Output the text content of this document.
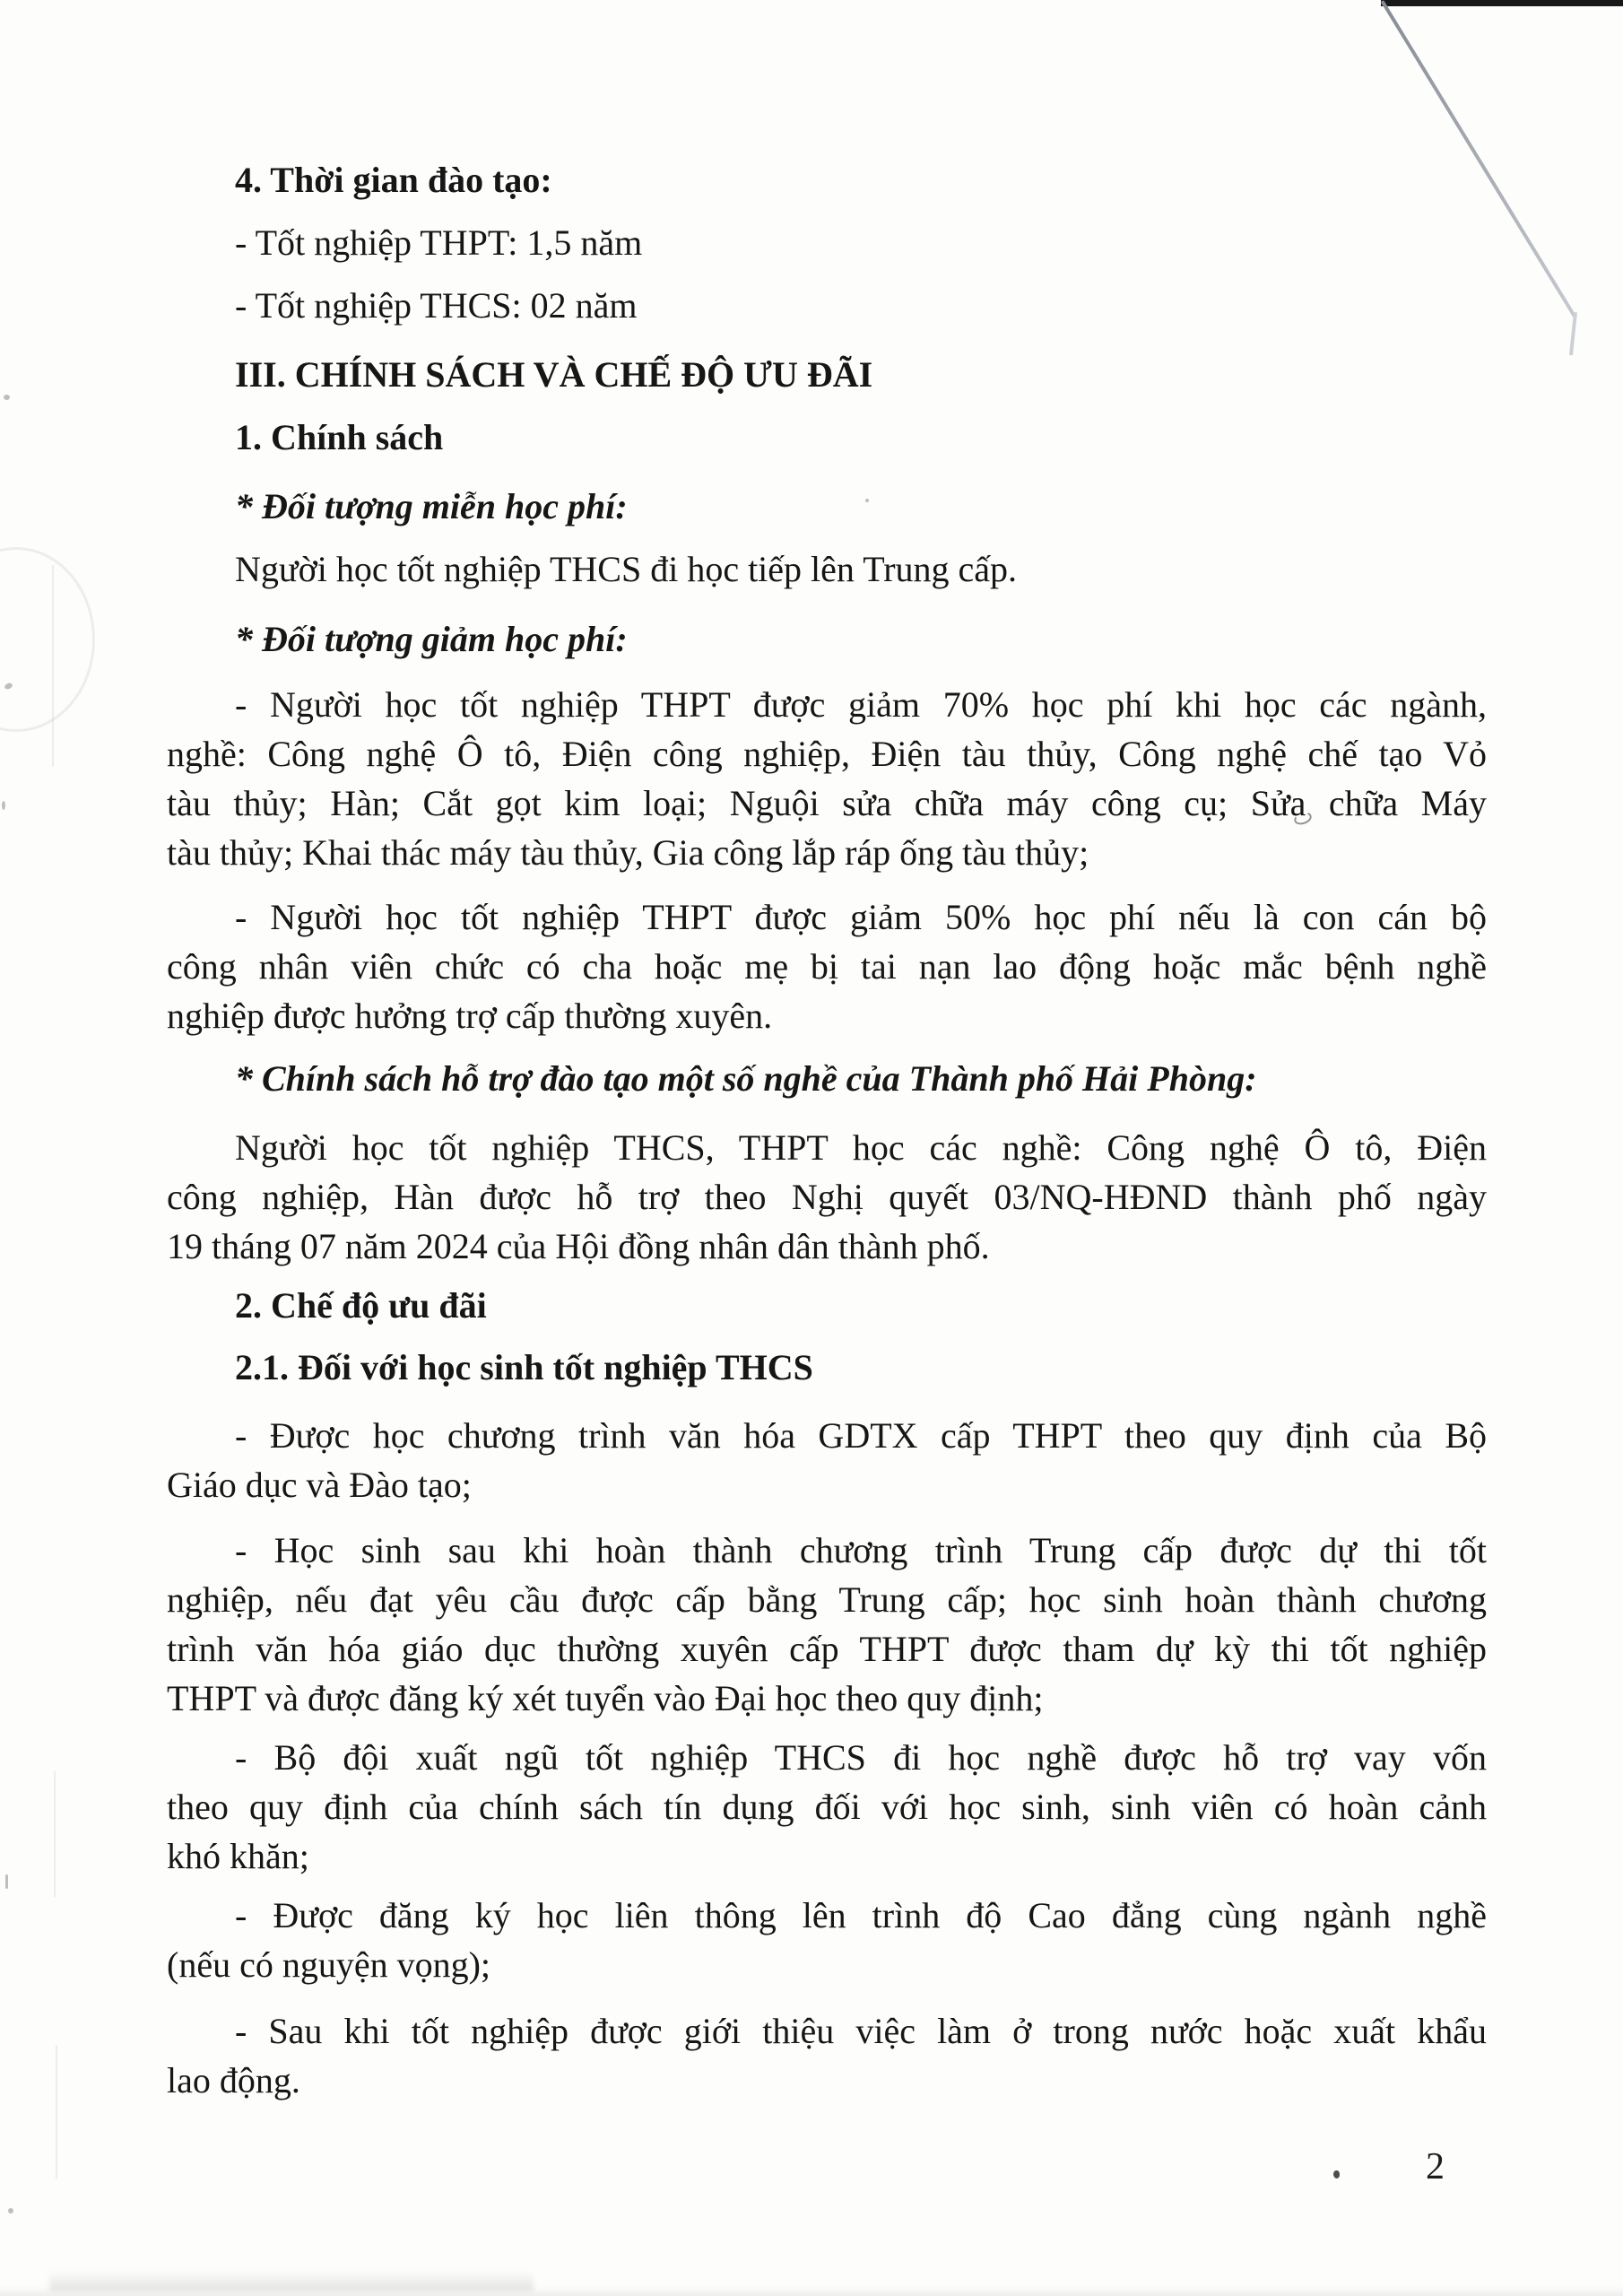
4. Thời gian đào tạo:
- Tốt nghiệp THPT: 1,5 năm
- Tốt nghiệp THCS: 02 năm
III. CHÍNH SÁCH VÀ CHẾ ĐỘ ƯU ĐÃI
1. Chính sách
* Đối tượng miễn học phí:
Người học tốt nghiệp THCS đi học tiếp lên Trung cấp.
* Đối tượng giảm học phí:
- Người học tốt nghiệp THPT được giảm 70% học phí khi học các ngành,
nghề: Công nghệ Ô tô, Điện công nghiệp, Điện tàu thủy, Công nghệ chế tạo Vỏ
tàu thủy; Hàn; Cắt gọt kim loại; Nguội sửa chữa máy công cụ; Sửa chữa Máy
tàu thủy; Khai thác máy tàu thủy, Gia công lắp ráp ống tàu thủy;
- Người học tốt nghiệp THPT được giảm 50% học phí nếu là con cán bộ
công nhân viên chức có cha hoặc mẹ bị tai nạn lao động hoặc mắc bệnh nghề
nghiệp được hưởng trợ cấp thường xuyên.
* Chính sách hỗ trợ đào tạo một số nghề của Thành phố Hải Phòng:
Người học tốt nghiệp THCS, THPT học các nghề: Công nghệ Ô tô, Điện
công nghiệp, Hàn được hỗ trợ theo Nghị quyết 03/NQ-HĐND thành phố ngày
19 tháng 07 năm 2024 của Hội đồng nhân dân thành phố.
2. Chế độ ưu đãi
2.1. Đối với học sinh tốt nghiệp THCS
- Được học chương trình văn hóa GDTX cấp THPT theo quy định của Bộ
Giáo dục và Đào tạo;
- Học sinh sau khi hoàn thành chương trình Trung cấp được dự thi tốt
nghiệp, nếu đạt yêu cầu được cấp bằng Trung cấp; học sinh hoàn thành chương
trình văn hóa giáo dục thường xuyên cấp THPT được tham dự kỳ thi tốt nghiệp
THPT và được đăng ký xét tuyển vào Đại học theo quy định;
- Bộ đội xuất ngũ tốt nghiệp THCS đi học nghề được hỗ trợ vay vốn
theo quy định của chính sách tín dụng đối với học sinh, sinh viên có hoàn cảnh
khó khăn;
- Được đăng ký học liên thông lên trình độ Cao đẳng cùng ngành nghề
(nếu có nguyện vọng);
- Sau khi tốt nghiệp được giới thiệu việc làm ở trong nước hoặc xuất khẩu
lao động.
2
